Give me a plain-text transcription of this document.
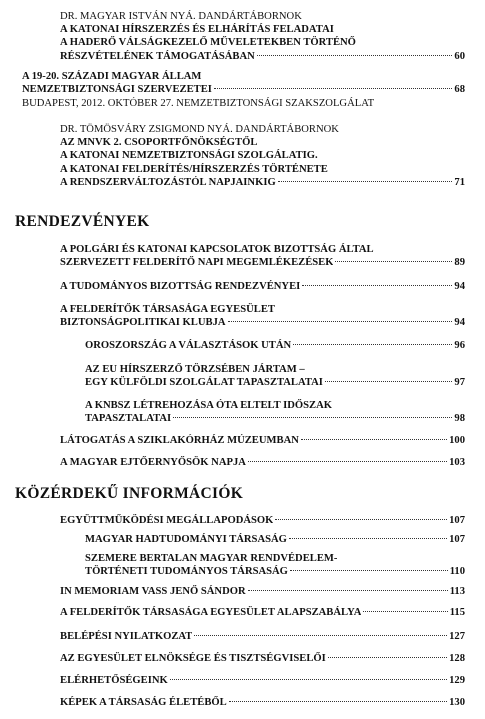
DR. MAGYAR ISTVÁN NYÁ. DANDÁRTÁBORNOK
A KATONAI HÍRSZERZÉS ÉS ELHÁRÍTÁS FELADATAI
A HADERŐ VÁLSÁGKEZELŐ MŰVELETEKBEN TÖRTÉNŐ
RÉSZVÉTELÉNEK TÁMOGATÁSÁBAN	60
A 19-20. SZÁZADI MAGYAR ÁLLAM
NEMZETBIZTONSÁGI SZERVEZETEI	68
BUDAPEST, 2012. OKTÓBER 27. NEMZETBIZTONSÁGI SZAKSZOLGÁLAT
DR. TÖMÖSVÁRY ZSIGMOND NYÁ. DANDÁRTÁBORNOK
AZ MNVK 2. CSOPORTFŐNÖKSÉGTŐL
A KATONAI NEMZETBIZTONSÁGI SZOLGÁLATIG.
A KATONAI FELDERÍTÉS/HÍRSZERZÉS TÖRTÉNETE
A RENDSZERVÁLTOZÁSTÓL NAPJAINKIG	71
RENDEZVÉNYEK
A POLGÁRI ÉS KATONAI KAPCSOLATOK BIZOTTSÁG ÁLTAL
SZERVEZETT FELDERÍTŐ NAPI MEGEMLÉKEZÉSEK	89
A TUDOMÁNYOS BIZOTTSÁG RENDEZVÉNYEI	94
A FELDERÍTŐK TÁRSASÁGA EGYESÜLET
BIZTONSÁGPOLITIKAI KLUBJA	94
OROSZORSZÁG A VÁLASZTÁSOK UTÁN	96
AZ EU HÍRSZERZŐ TÖRZSÉBEN JÁRTAM –
EGY KÜLFÖLDI SZOLGÁLAT TAPASZTALATAI	97
A KNBSZ LÉTREHOZÁSA ÓTA ELTELT IDŐSZAK
TAPASZTALATAI	98
LÁTOGATÁS A SZIKLAKÓRHÁZ MÚZEUMBAN	100
A MAGYAR EJTŐERNYŐSÖK NAPJA	103
KÖZÉRDEKŰ INFORMÁCIÓK
EGYÜTTMŰKÖDÉSI MEGÁLLAPODÁSOK	107
MAGYAR HADTUDOMÁNYI TÁRSASÁG	107
SZEMERE BERTALAN MAGYAR RENDVÉDELEM-
TÖRTÉNETI TUDOMÁNYOS TÁRSASÁG	110
IN MEMORIAM VASS JENŐ SÁNDOR	113
A FELDERÍTŐK TÁRSASÁGA EGYESÜLET ALAPSZABÁLYA	115
BELÉPÉSI NYILATKOZAT	127
AZ EGYESÜLET ELNÖKSÉGE ÉS TISZTSÉGVISELŐI	128
ELÉRHETŐSÉGEINK	129
KÉPEK A TÁRSASÁG ÉLETÉBŐL	130
